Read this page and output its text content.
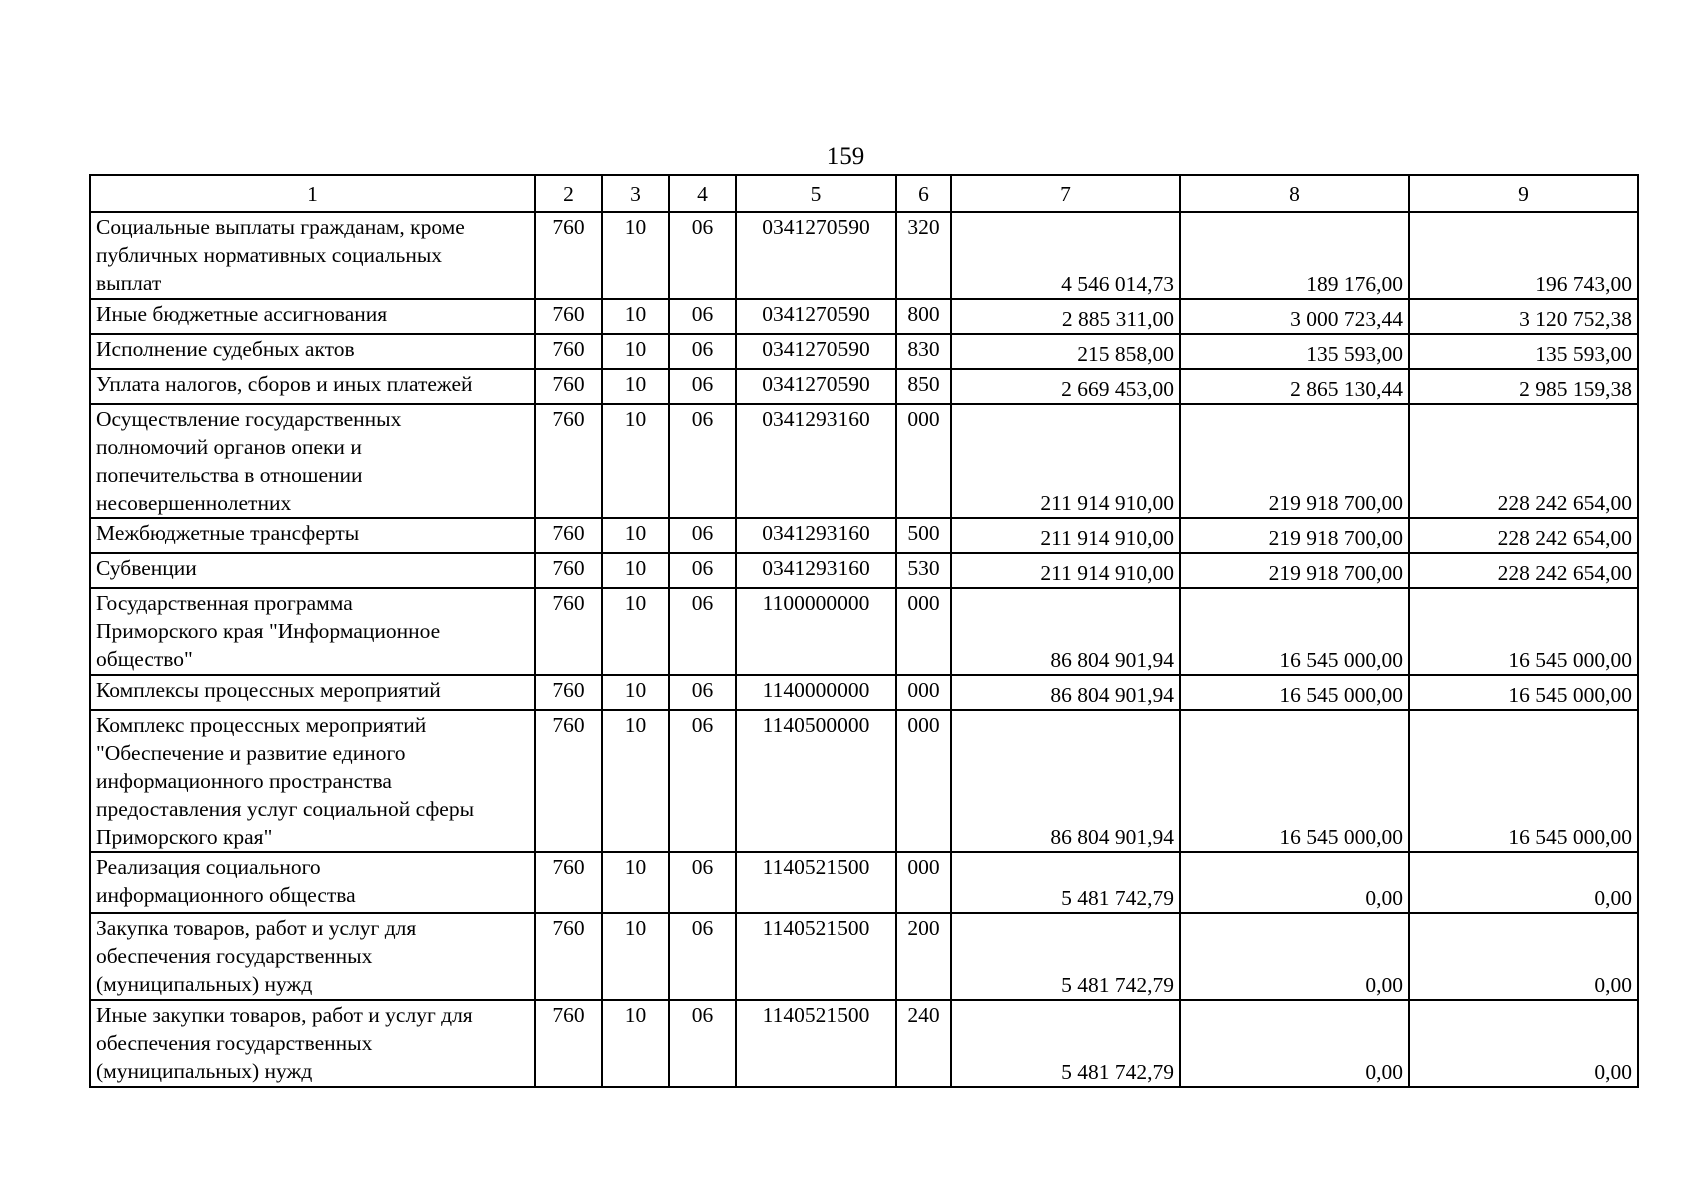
159
1	2	3	4	5	6	7	8	9

Социальные выплаты гражданам, кроме
публичных нормативных социальных
выплат	760	10	06	0341270590	320	4 546 014,73	189 176,00	196 743,00

Иные бюджетные ассигнования	760	10	06	0341270590	800	2 885 311,00	3 000 723,44	3 120 752,38

Исполнение судебных актов	760	10	06	0341270590	830	215 858,00	135 593,00	135 593,00

Уплата налогов, сборов и иных платежей	760	10	06	0341270590	850	2 669 453,00	2 865 130,44	2 985 159,38

Осуществление государственных
полномочий органов опеки и
попечительства в отношении
несовершеннолетних	760	10	06	0341293160	000	211 914 910,00	219 918 700,00	228 242 654,00

Межбюджетные трансферты	760	10	06	0341293160	500	211 914 910,00	219 918 700,00	228 242 654,00

Субвенции	760	10	06	0341293160	530	211 914 910,00	219 918 700,00	228 242 654,00

Государственная программа
Приморского края "Информационное
общество"	760	10	06	1100000000	000	86 804 901,94	16 545 000,00	16 545 000,00

Комплексы процессных мероприятий	760	10	06	1140000000	000	86 804 901,94	16 545 000,00	16 545 000,00

Комплекс процессных мероприятий
"Обеспечение и развитие единого
информационного пространства
предоставления услуг социальной сферы
Приморского края"	760	10	06	1140500000	000	86 804 901,94	16 545 000,00	16 545 000,00

Реализация социального
информационного общества	760	10	06	1140521500	000	5 481 742,79	0,00	0,00

Закупка товаров, работ и услуг для
обеспечения государственных
(муниципальных) нужд	760	10	06	1140521500	200	5 481 742,79	0,00	0,00

Иные закупки товаров, работ и услуг для
обеспечения государственных
(муниципальных) нужд	760	10	06	1140521500	240	5 481 742,79	0,00	0,00
